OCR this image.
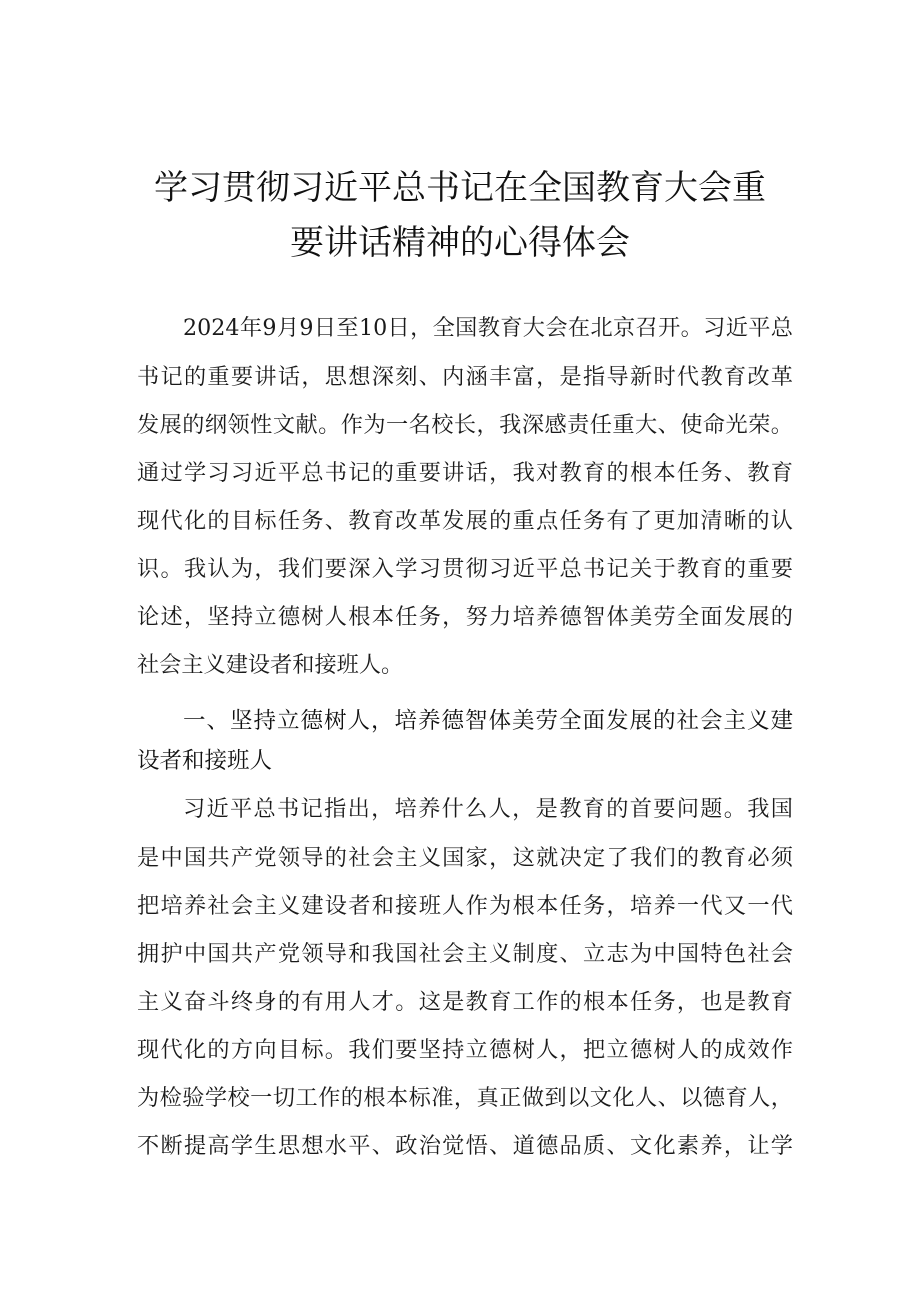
学习贯彻习近平总书记在全国教育大会重
要讲话精神的心得体会
2024年9月9日至10日，全国教育大会在北京召开。习近平总
书记的重要讲话，思想深刻、内涵丰富，是指导新时代教育改革
发展的纲领性文献。作为一名校长，我深感责任重大、使命光荣。
通过学习习近平总书记的重要讲话，我对教育的根本任务、教育
现代化的目标任务、教育改革发展的重点任务有了更加清晰的认
识。我认为，我们要深入学习贯彻习近平总书记关于教育的重要
论述，坚持立德树人根本任务，努力培养德智体美劳全面发展的
社会主义建设者和接班人。
一、坚持立德树人，培养德智体美劳全面发展的社会主义建
设者和接班人
习近平总书记指出，培养什么人，是教育的首要问题。我国
是中国共产党领导的社会主义国家，这就决定了我们的教育必须
把培养社会主义建设者和接班人作为根本任务，培养一代又一代
拥护中国共产党领导和我国社会主义制度、立志为中国特色社会
主义奋斗终身的有用人才。这是教育工作的根本任务，也是教育
现代化的方向目标。我们要坚持立德树人，把立德树人的成效作
为检验学校一切工作的根本标准，真正做到以文化人、以德育人，
不断提高学生思想水平、政治觉悟、道德品质、文化素养，让学
